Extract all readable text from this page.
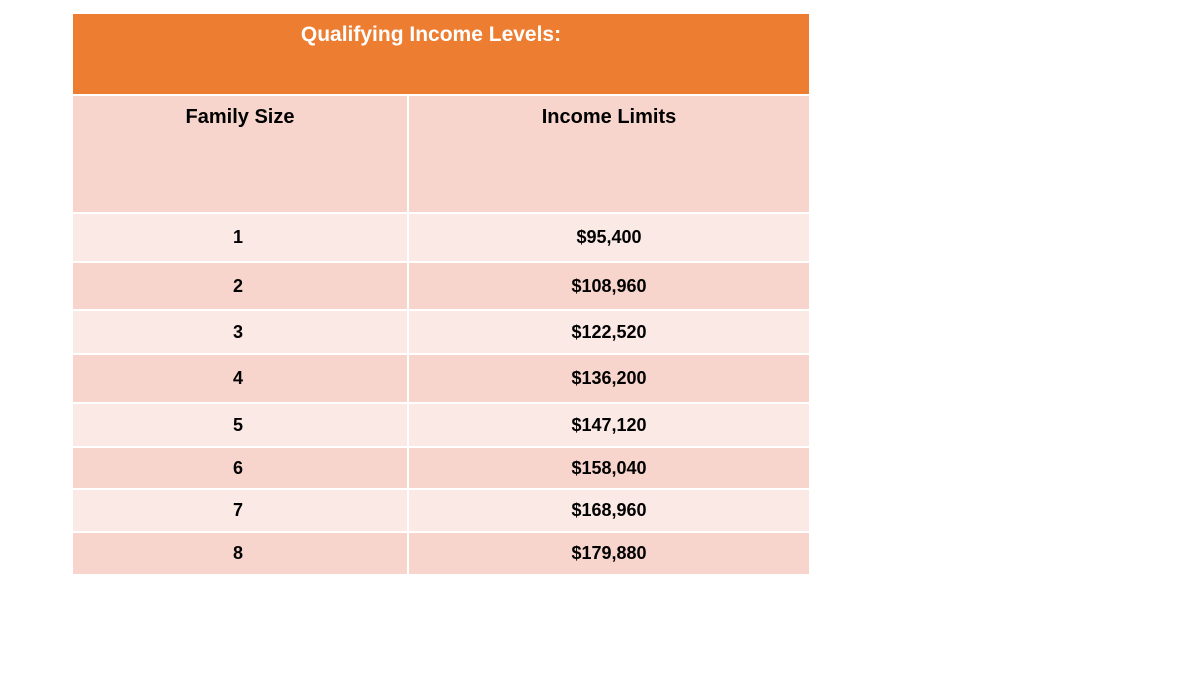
Qualifying Income Levels:
Family Size	Income Limits
1	$95,400
2	$108,960
3	$122,520
4	$136,200
5	$147,120
6	$158,040
7	$168,960
8	$179,880
